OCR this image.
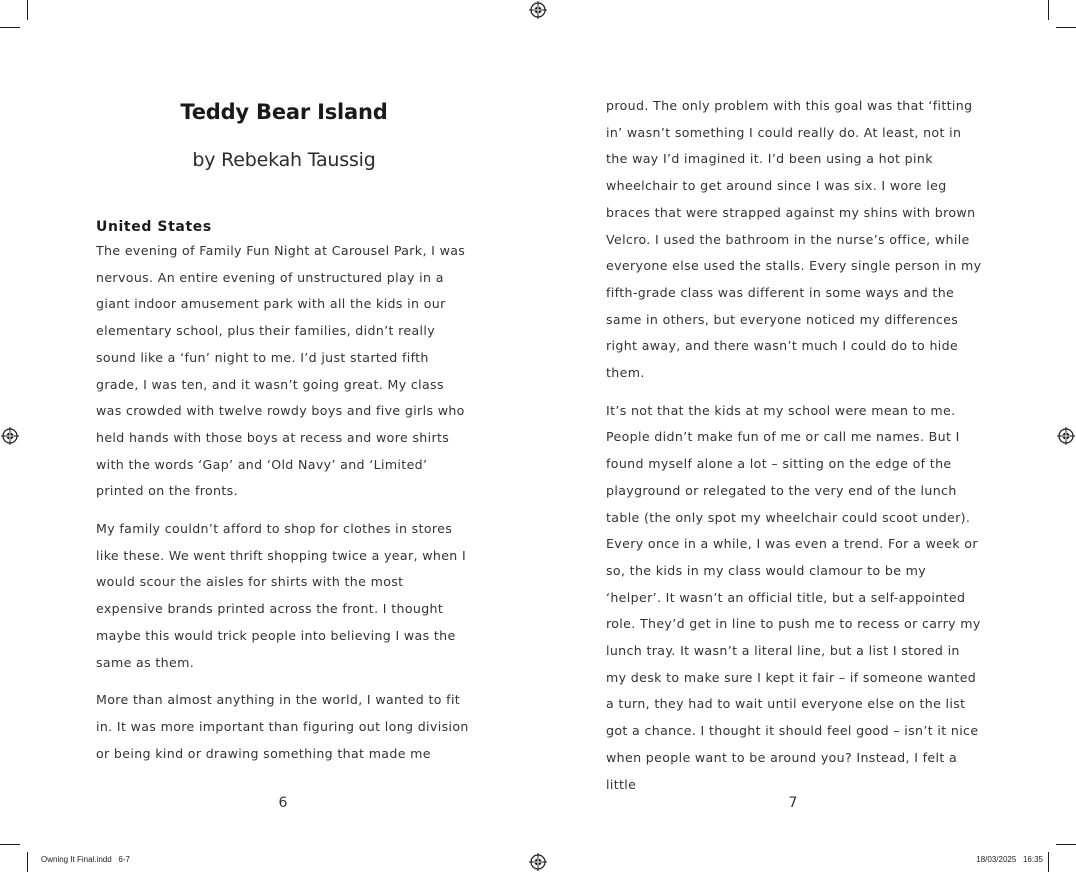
Teddy Bear Island
by Rebekah Taussig
United States

The evening of Family Fun Night at Carousel Park, I was nervous. An entire evening of unstructured play in a giant indoor amusement park with all the kids in our elementary school, plus their families, didn’t really sound like a ‘fun’ night to me. I’d just started fifth grade, I was ten, and it wasn’t going great. My class was crowded with twelve rowdy boys and five girls who held hands with those boys at recess and wore shirts with the words ‘Gap’ and ‘Old Navy’ and ‘Limited’ printed on the fronts.

My family couldn’t afford to shop for clothes in stores like these. We went thrift shopping twice a year, when I would scour the aisles for shirts with the most expensive brands printed across the front. I thought maybe this would trick people into believing I was the same as them.

More than almost anything in the world, I wanted to fit in. It was more important than figuring out long division or being kind or drawing something that made me

proud. The only problem with this goal was that ‘fitting in’ wasn’t something I could really do. At least, not in the way I’d imagined it. I’d been using a hot pink wheelchair to get around since I was six. I wore leg braces that were strapped against my shins with brown Velcro. I used the bathroom in the nurse’s office, while everyone else used the stalls. Every single person in my fifth-grade class was different in some ways and the same in others, but everyone noticed my differences right away, and there wasn’t much I could do to hide them.

It’s not that the kids at my school were mean to me. People didn’t make fun of me or call me names. But I found myself alone a lot – sitting on the edge of the playground or relegated to the very end of the lunch table (the only spot my wheelchair could scoot under). Every once in a while, I was even a trend. For a week or so, the kids in my class would clamour to be my ‘helper’. It wasn’t an official title, but a self-appointed role. They’d get in line to push me to recess or carry my lunch tray. It wasn’t a literal line, but a list I stored in my desk to make sure I kept it fair – if someone wanted a turn, they had to wait until everyone else on the list got a chance. I thought it should feel good – isn’t it nice when people want to be around you? Instead, I felt a little

6	7
Owning It Final.indd   6-7	18/03/2025   16:35
